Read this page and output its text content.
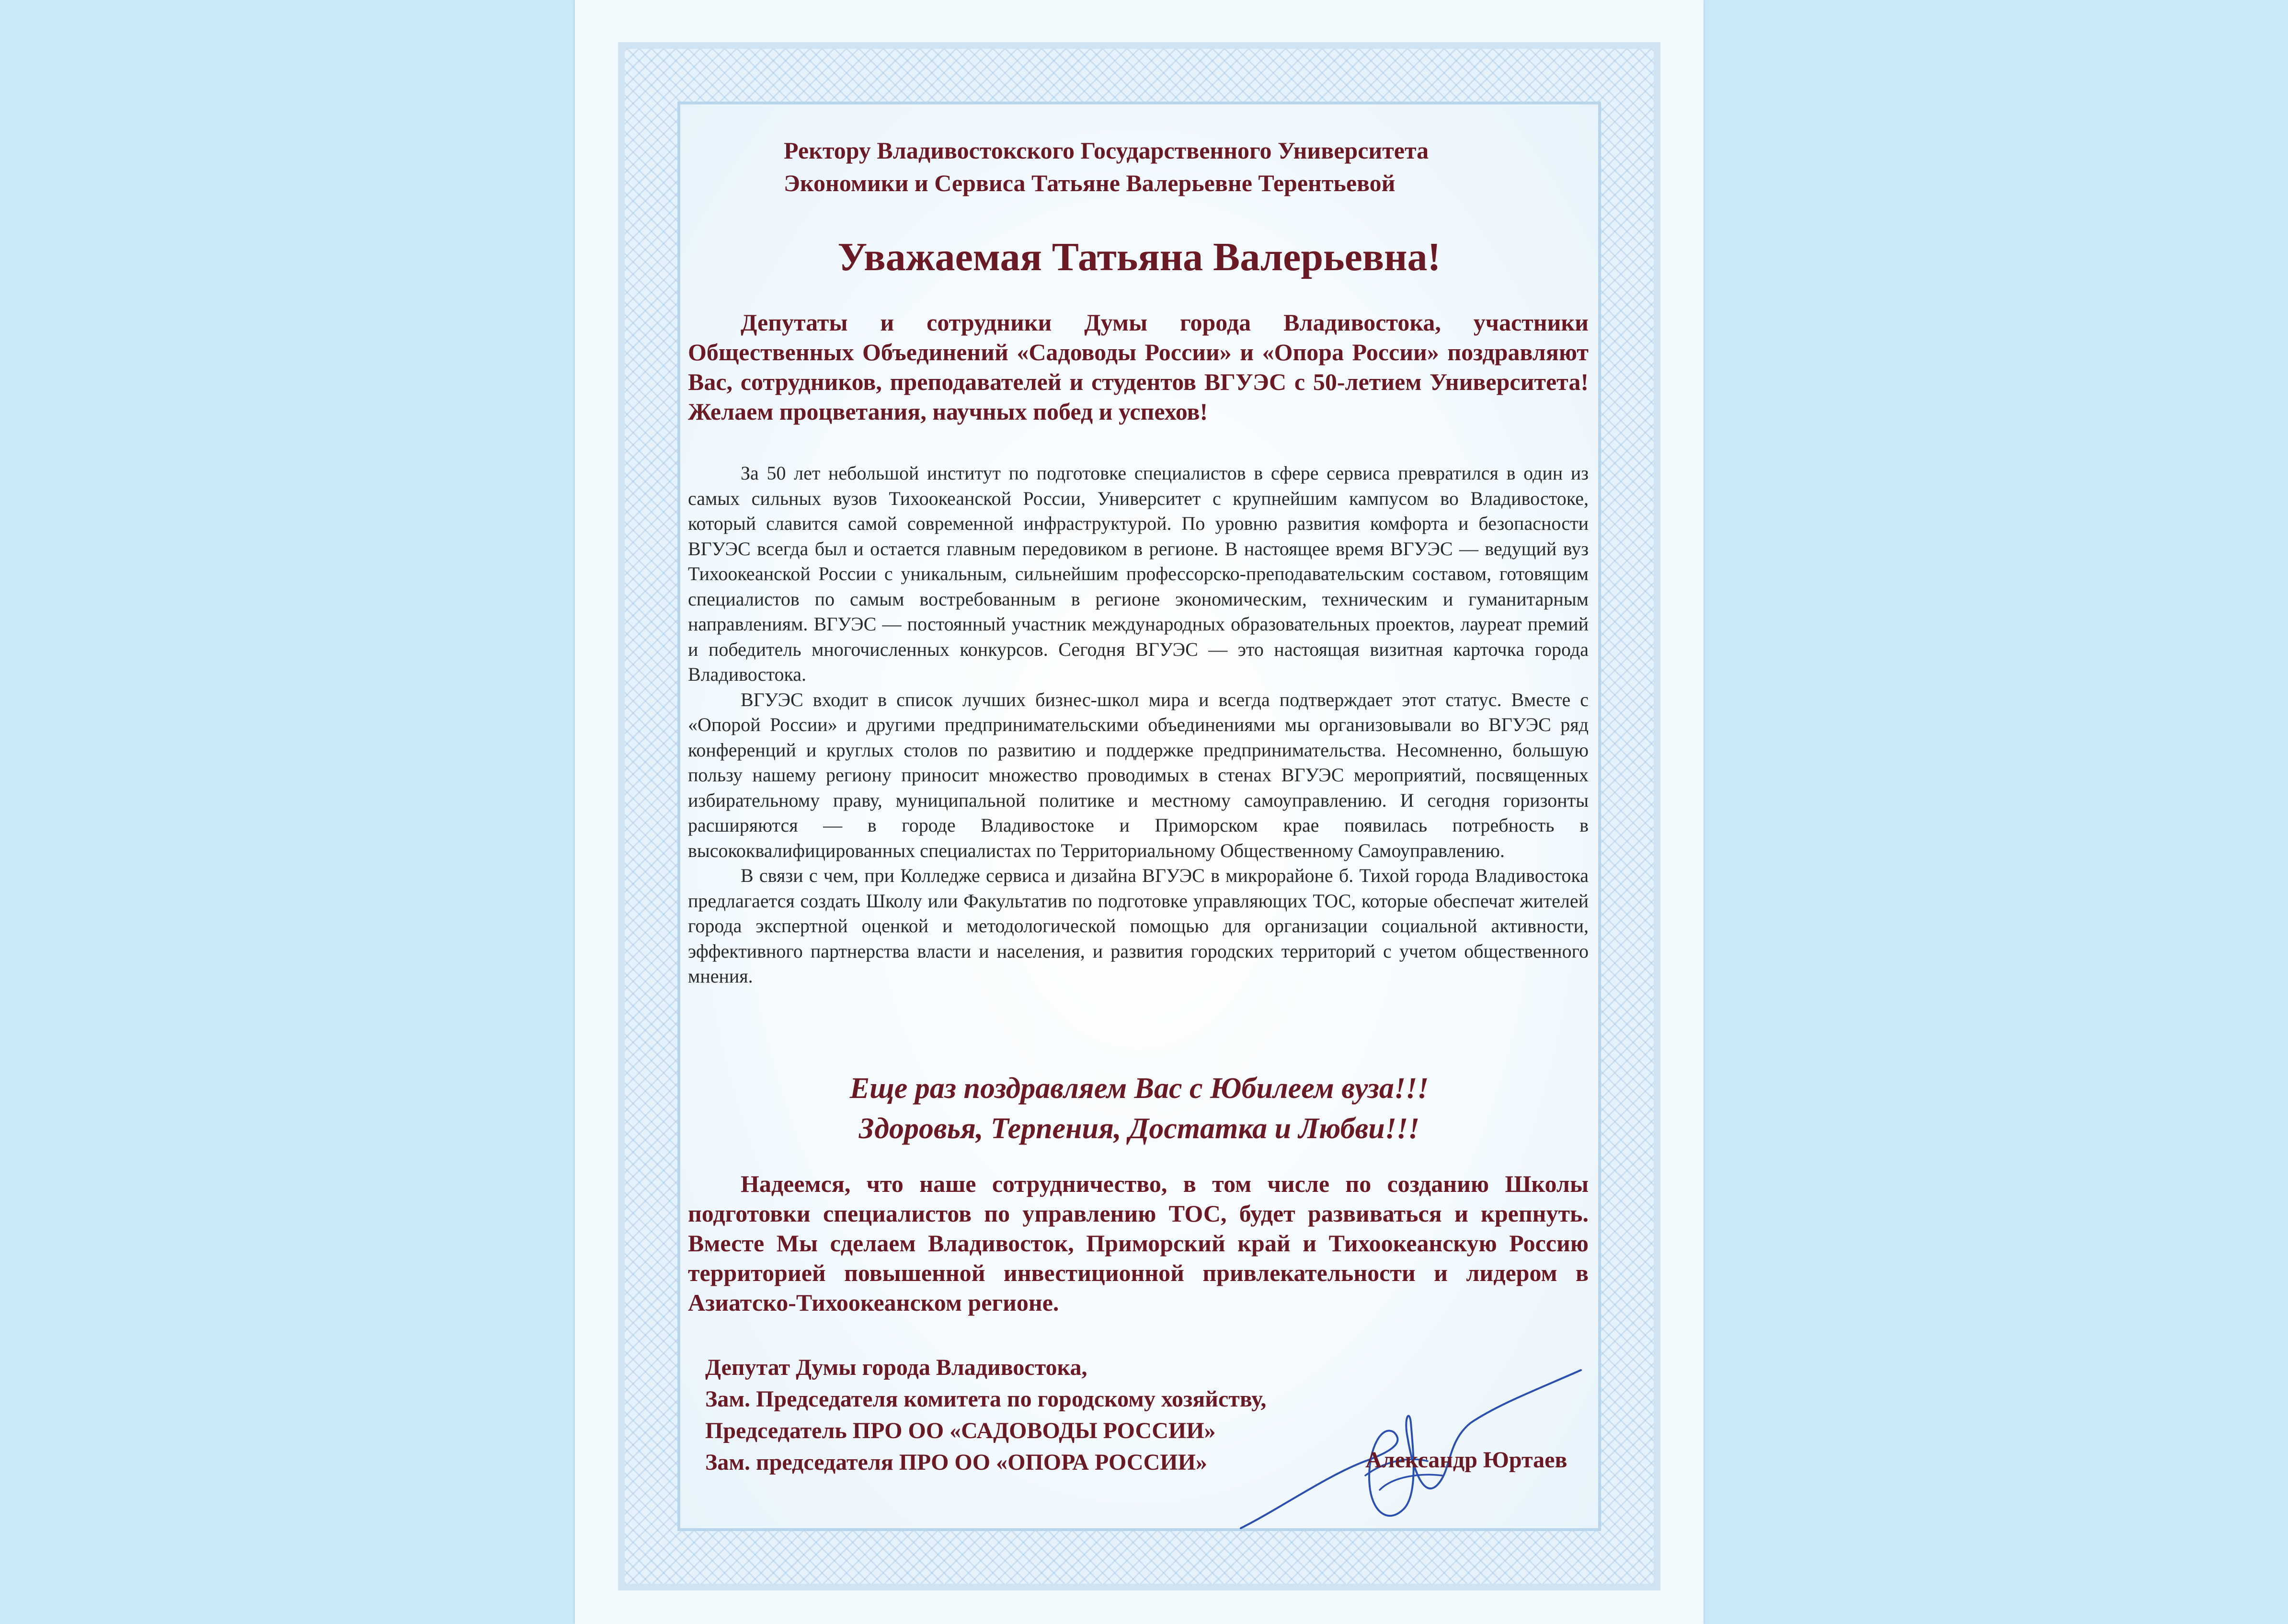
Ректору Владивостокского Государственного Университета
Экономики и Сервиса Татьяне Валерьевне Терентьевой
Уважаемая Татьяна Валерьевна!
Депутаты и сотрудники Думы города Владивостока, участники Общественных Объединений «Садоводы России» и «Опора России» поздравляют Вас, сотрудников, преподавателей и студентов ВГУЭС с 50-летием Университета! Желаем процветания, научных побед и успехов!

За 50 лет небольшой институт по подготовке специалистов в сфере сервиса превратился в один из самых сильных вузов Тихоокеанской России, Университет с крупнейшим кампусом во Владивостоке, который славится самой современной инфраструктурой. По уровню развития комфорта и безопасности ВГУЭС всегда был и остается главным передовиком в регионе. В настоящее время ВГУЭС — ведущий вуз Тихоокеанской России с уникальным, сильнейшим профессорско-преподавательским составом, готовящим специалистов по самым востребованным в регионе экономическим, техническим и гуманитарным направлениям. ВГУЭС — постоянный участник международных образовательных проектов, лауреат премий и победитель многочисленных конкурсов. Сегодня ВГУЭС — это настоящая визитная карточка города Владивостока.

ВГУЭС входит в список лучших бизнес-школ мира и всегда подтверждает этот статус. Вместе с «Опорой России» и другими предпринимательскими объединениями мы организовывали во ВГУЭС ряд конференций и круглых столов по развитию и поддержке предпринимательства. Несомненно, большую пользу нашему региону приносит множество проводимых в стенах ВГУЭС мероприятий, посвященных избирательному праву, муниципальной политике и местному самоуправлению. И сегодня горизонты расширяются — в городе Владивостоке и Приморском крае появилась потребность в высококвалифицированных специалистах по Территориальному Общественному Самоуправлению.

В связи с чем, при Колледже сервиса и дизайна ВГУЭС в микрорайоне б. Тихой города Владивостока предлагается создать Школу или Факультатив по подготовке управляющих ТОС, которые обеспечат жителей города экспертной оценкой и методологической помощью для организации социальной активности, эффективного партнерства власти и населения, и развития городских территорий с учетом общественного мнения.

Еще раз поздравляем Вас с Юбилеем вуза!!!
Здоровья, Терпения, Достатка и Любви!!!
Надеемся, что наше сотрудничество, в том числе по созданию Школы подготовки специалистов по управлению ТОС, будет развиваться и крепнуть. Вместе Мы сделаем Владивосток, Приморский край и Тихоокеанскую Россию территорией повышенной инвестиционной привлекательности и лидером в Азиатско-Тихоокеанском регионе.
Депутат Думы города Владивостока,
Зам. Председателя комитета по городскому хозяйству,
Председатель ПРО ОО «САДОВОДЫ РОССИИ»
Зам. председателя ПРО ОО «ОПОРА РОССИИ»	Александр Юртаев
